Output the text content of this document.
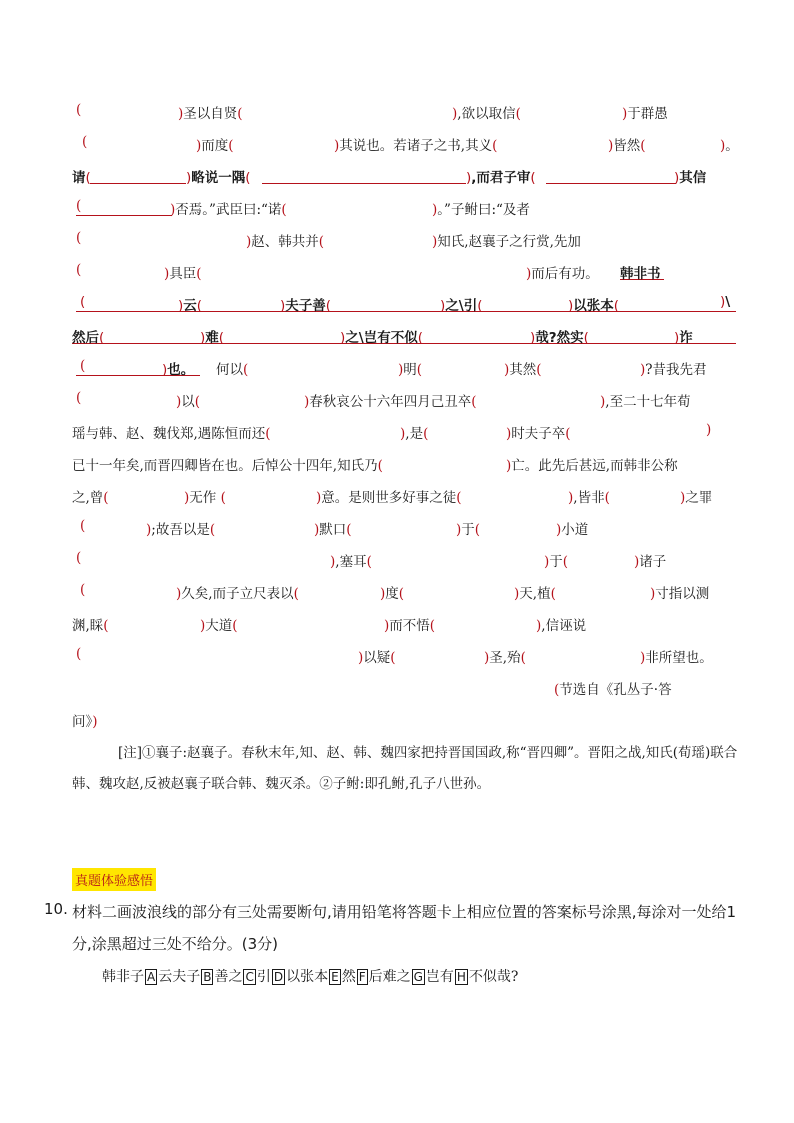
(	)圣以自贤(	),欲以取信(	)于群愚
(	)而度(	)其说也。若诸子之书,其义(	)皆然(	)。
请(	)略说一隅(	),而君子审(	)其信
(	)否焉。”武臣曰:“诺(	)。”子鲋曰:“及者
(	)赵、韩共并(	)知氏,赵襄子之行赏,先加
(	)具臣(	)而后有功。 韩非书
(	)云(	)夫子善(	)之\引(	)以张本(	)\
然后(	)难(	)之\岂有不似(	)哉?然实(	)诈
(	)也。 何以(	)明(	)其然(	)?昔我先君
(	)以(	)春秋哀公十六年四月己丑卒(	),至二十七年荀
瑶与韩、赵、魏伐郑,遇陈恒而还(	),是(	)时夫子卒(	)
已十一年矣,而晋四卿皆在也。后悼公十四年,知氏乃(	)亡。此先后甚远,而韩非公称
之,曾(	)无作 (	)意。是则世多好事之徒(	),皆非(	)之罪
(	);故吾以是(	)默口(	)于(	)小道
(	),塞耳(	)于(	)诸子
(	)久矣,而子立尺表以(	)度(	)天,植(	)寸指以测
渊,睬(	)大道(	)而不悟(	),信诬说
(	)以疑(	)圣,殆(	)非所望也。
(节选自《孔丛子·答
问》)
[注]①襄子:赵襄子。春秋末年,知、赵、韩、魏四家把持晋国国政,称“晋四卿”。晋阳之战,知氏(荀瑶)联合韩、魏攻赵,反被赵襄子联合韩、魏灭杀。②子鲋:即孔鲋,孔子八世孙。
真题体验感悟
10. 材料二画波浪线的部分有三处需要断句,请用铅笔将答题卡上相应位置的答案标号涂黑,每涂对一处给1分,涂黑超过三处不给分。(3分)
韩非子 A 云夫子 B 善之 C 引 D 以张本 E 然 F 后难之 G 岂有 H 不似哉?
